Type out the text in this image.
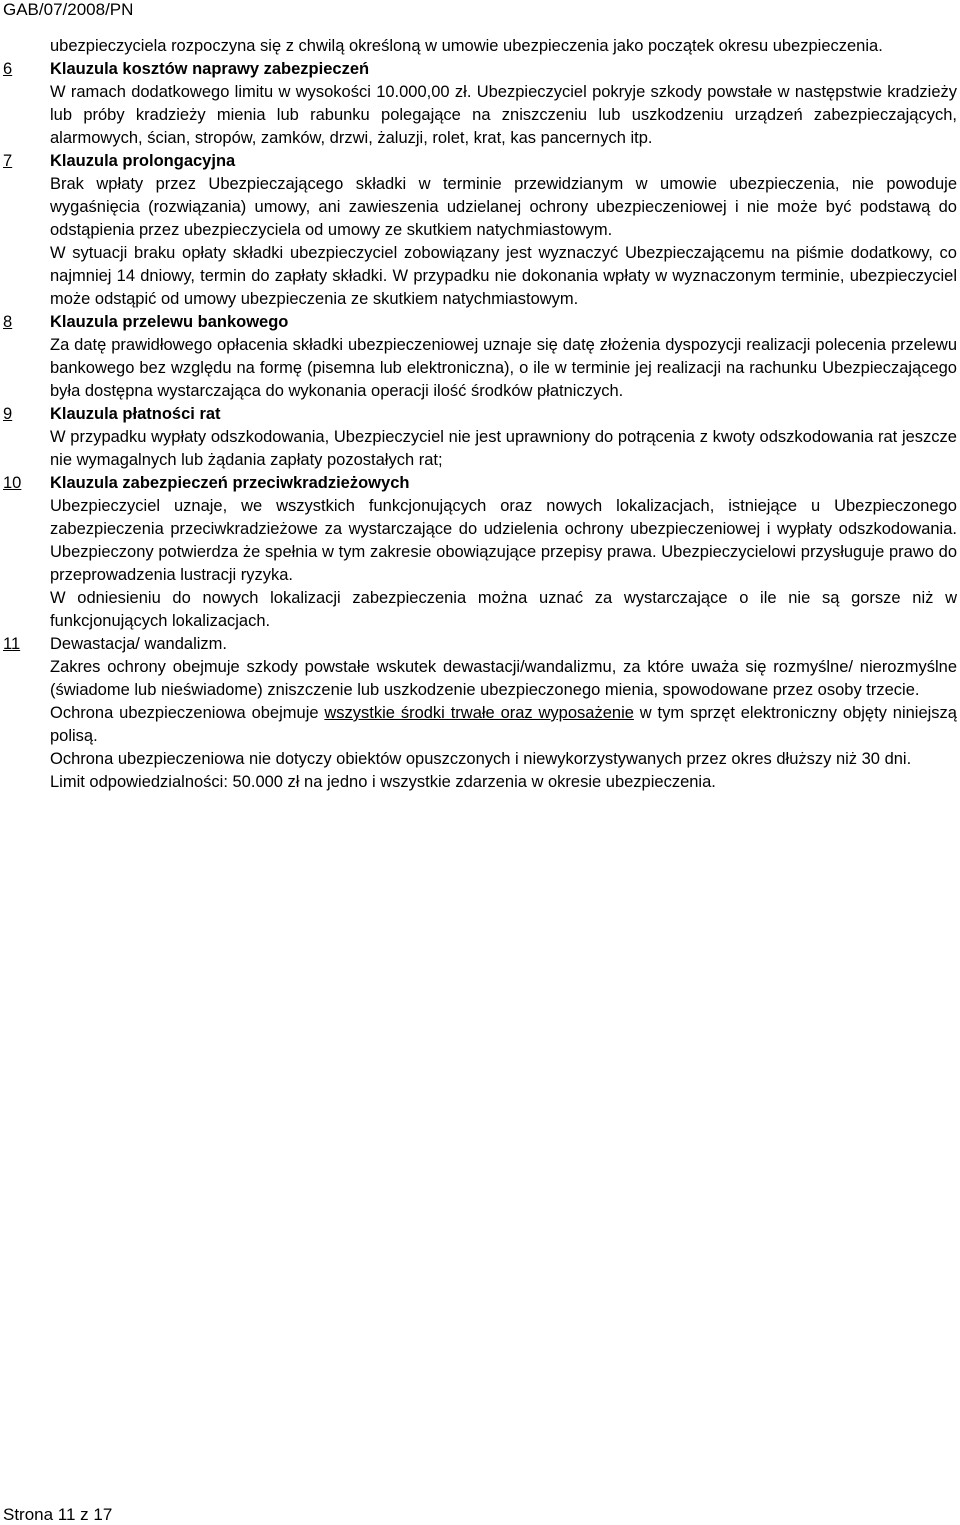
GAB/07/2008/PN

ubezpieczyciela rozpoczyna się z chwilą określoną w umowie ubezpieczenia jako początek okresu ubezpieczenia.

6 Klauzula kosztów naprawy zabezpieczeń

W ramach dodatkowego limitu w wysokości 10.000,00 zł. Ubezpieczyciel pokryje szkody powstałe w następstwie kradzieży lub próby kradzieży mienia lub rabunku polegające na zniszczeniu lub uszkodzeniu urządzeń zabezpieczających, alarmowych, ścian, stropów, zamków, drzwi, żaluzji, rolet, krat, kas pancernych itp.

7 Klauzula prolongacyjna

Brak wpłaty przez Ubezpieczającego składki w terminie przewidzianym w umowie ubezpieczenia, nie powoduje wygaśnięcia (rozwiązania) umowy, ani zawieszenia udzielanej ochrony ubezpieczeniowej i nie może być podstawą do odstąpienia przez ubezpieczyciela od umowy ze skutkiem natychmiastowym.

W sytuacji braku opłaty składki ubezpieczyciel zobowiązany jest wyznaczyć Ubezpieczającemu na piśmie dodatkowy, co najmniej 14 dniowy, termin do zapłaty składki. W przypadku nie dokonania wpłaty w wyznaczonym terminie, ubezpieczyciel może odstąpić od umowy ubezpieczenia ze skutkiem natychmiastowym.

8 Klauzula przelewu bankowego

Za datę prawidłowego opłacenia składki ubezpieczeniowej uznaje się datę złożenia dyspozycji realizacji polecenia przelewu bankowego bez względu na formę (pisemna lub elektroniczna), o ile w terminie jej realizacji na rachunku Ubezpieczającego była dostępna wystarczająca do wykonania operacji ilość środków płatniczych.

9 Klauzula płatności rat

W przypadku wypłaty odszkodowania, Ubezpieczyciel nie jest uprawniony do potrącenia z kwoty odszkodowania rat jeszcze nie wymagalnych lub żądania zapłaty pozostałych rat;

10 Klauzula zabezpieczeń przeciwkradzieżowych

Ubezpieczyciel uznaje, we wszystkich funkcjonujących oraz nowych lokalizacjach, istniejące u Ubezpieczonego zabezpieczenia przeciwkradzieżowe za wystarczające do udzielenia ochrony ubezpieczeniowej i wypłaty odszkodowania. Ubezpieczony potwierdza że spełnia w tym zakresie obowiązujące przepisy prawa. Ubezpieczycielowi przysługuje prawo do przeprowadzenia lustracji ryzyka.

W odniesieniu do nowych lokalizacji zabezpieczenia można uznać za wystarczające o ile nie są gorsze niż w funkcjonujących lokalizacjach.

11 Dewastacja/ wandalizm.

Zakres ochrony obejmuje szkody powstałe wskutek dewastacji/wandalizmu, za które uważa się rozmyślne/ nierozmyślne (świadome lub nieświadome) zniszczenie lub uszkodzenie ubezpieczonego mienia, spowodowane przez osoby trzecie.

Ochrona ubezpieczeniowa obejmuje wszystkie środki trwałe oraz wyposażenie w tym sprzęt elektroniczny objęty niniejszą polisą.

Ochrona ubezpieczeniowa nie dotyczy obiektów opuszczonych i niewykorzystywanych przez okres dłuższy niż 30 dni.

Limit odpowiedzialności: 50.000 zł na jedno i wszystkie zdarzenia w okresie ubezpieczenia.

Strona 11 z 17
